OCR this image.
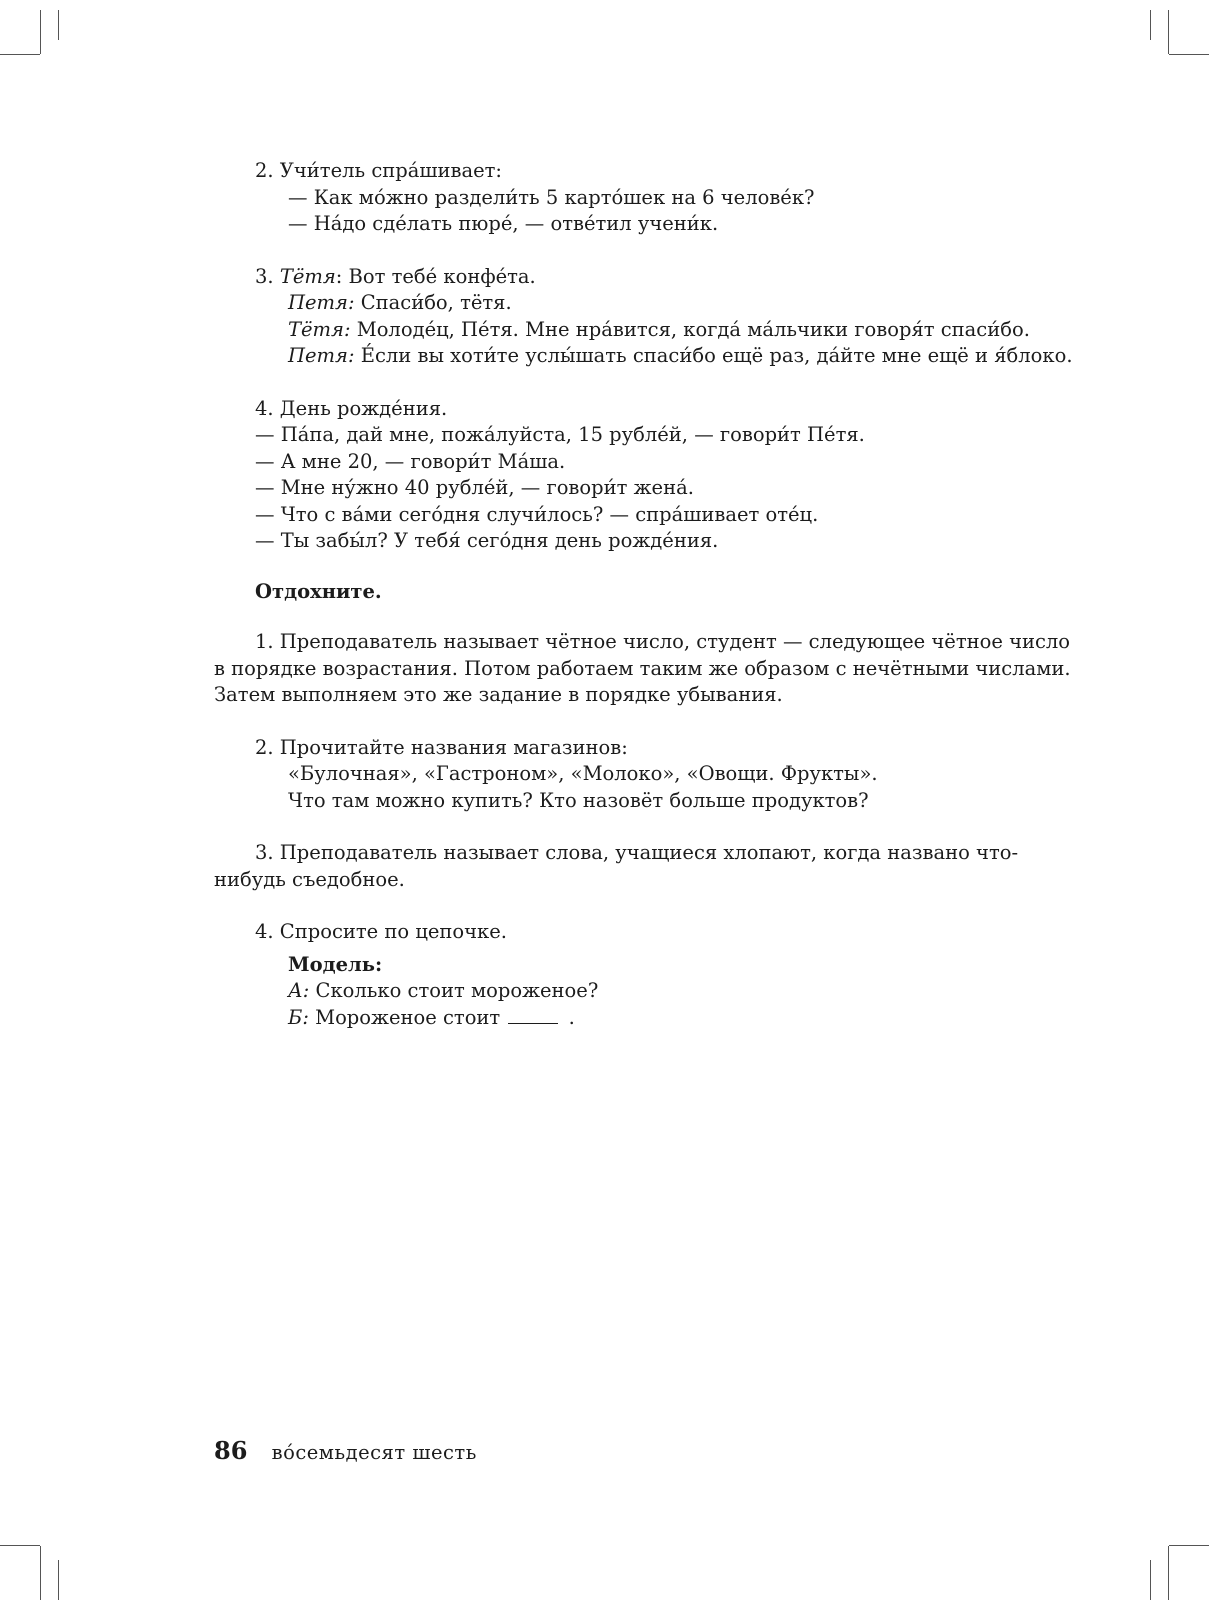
2. Учи́тель спра́шивает:
— Как мо́жно раздели́ть 5 карто́шек на 6 челове́к?
— На́до сде́лать пюре́, — отве́тил учени́к.
3. Тётя: Вот тебе́ конфе́та.
Петя: Спаси́бо, тётя.
Тётя: Молоде́ц, Пе́тя. Мне нра́вится, когда́ ма́льчики говоря́т спаси́бо.
Петя: Е́сли вы хоти́те услы́шать спаси́бо ещё раз, да́йте мне ещё и я́блоко.
4. День рожде́ния.
— Па́па, дай мне, пожа́луйста, 15 рубле́й, — говори́т Пе́тя.
— А мне 20, — говори́т Ма́ша.
— Мне ну́жно 40 рубле́й, — говори́т жена́.
— Что с ва́ми сего́дня случи́лось? — спра́шивает оте́ц.
— Ты забы́л? У тебя́ сего́дня день рожде́ния.
Отдохните.
1. Преподаватель называет чётное число, студент — следующее чётное число
в порядке возрастания. Потом работаем таким же образом с нечётными числами.
Затем выполняем это же задание в порядке убывания.
2. Прочитайте названия магазинов:
«Булочная», «Гастроном», «Молоко», «Овощи. Фрукты».
Что там можно купить? Кто назовёт больше продуктов?
3. Преподаватель называет слова, учащиеся хлопают, когда названо что-
нибудь съедобное.
4. Спросите по цепочке.
Модель:
А: Сколько стоит мороженое?
Б: Мороженое стоит	.
86 во́семьдесят шесть
